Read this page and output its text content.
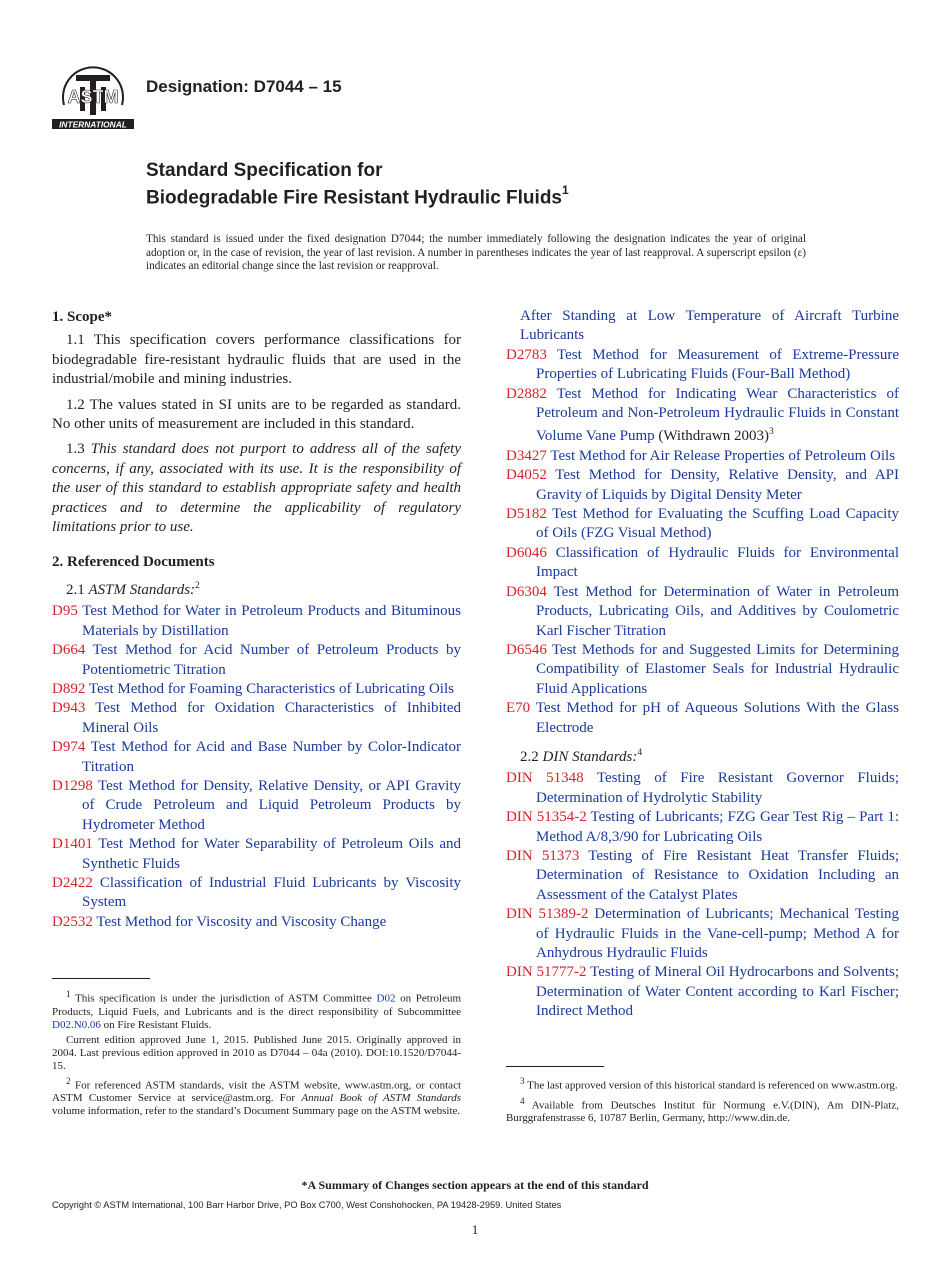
ASTM
INTERNATIONAL
Designation: D7044 – 15
Standard Specification for
Biodegradable Fire Resistant Hydraulic Fluids$^1$
This standard is issued under the fixed designation D7044; the number immediately following the designation indicates the year of original adoption or, in the case of revision, the year of last revision. A number in parentheses indicates the year of last reapproval. A superscript epsilon (ε) indicates an editorial change since the last revision or reapproval.
1. Scope*
1.1 This specification covers performance classifications for biodegradable fire-resistant hydraulic fluids that are used in the industrial/mobile and mining industries.
1.2 The values stated in SI units are to be regarded as standard. No other units of measurement are included in this standard.
1.3 This standard does not purport to address all of the safety concerns, if any, associated with its use. It is the responsibility of the user of this standard to establish appropriate safety and health practices and to determine the applicability of regulatory limitations prior to use.
2. Referenced Documents
2.1 ASTM Standards:$^2$
D95 Test Method for Water in Petroleum Products and Bituminous Materials by Distillation
D664 Test Method for Acid Number of Petroleum Products by Potentiometric Titration
D892 Test Method for Foaming Characteristics of Lubricating Oils
D943 Test Method for Oxidation Characteristics of Inhibited Mineral Oils
D974 Test Method for Acid and Base Number by Color-Indicator Titration
D1298 Test Method for Density, Relative Density, or API Gravity of Crude Petroleum and Liquid Petroleum Products by Hydrometer Method
D1401 Test Method for Water Separability of Petroleum Oils and Synthetic Fluids
D2422 Classification of Industrial Fluid Lubricants by Viscosity System
D2532 Test Method for Viscosity and Viscosity Change

$^1$ This specification is under the jurisdiction of ASTM Committee D02 on Petroleum Products, Liquid Fuels, and Lubricants and is the direct responsibility of Subcommittee D02.N0.06 on Fire Resistant Fluids.

Current edition approved June 1, 2015. Published June 2015. Originally approved in 2004. Last previous edition approved in 2010 as D7044 – 04a (2010). DOI:10.1520/D7044-15.

$^2$ For referenced ASTM standards, visit the ASTM website, www.astm.org, or contact ASTM Customer Service at service@astm.org. For Annual Book of ASTM Standards volume information, refer to the standard’s Document Summary page on the ASTM website.

After Standing at Low Temperature of Aircraft Turbine Lubricants
D2783 Test Method for Measurement of Extreme-Pressure Properties of Lubricating Fluids (Four-Ball Method)
D2882 Test Method for Indicating Wear Characteristics of Petroleum and Non-Petroleum Hydraulic Fluids in Constant Volume Vane Pump (Withdrawn 2003)$^3$
D3427 Test Method for Air Release Properties of Petroleum Oils
D4052 Test Method for Density, Relative Density, and API Gravity of Liquids by Digital Density Meter
D5182 Test Method for Evaluating the Scuffing Load Capacity of Oils (FZG Visual Method)
D6046 Classification of Hydraulic Fluids for Environmental Impact
D6304 Test Method for Determination of Water in Petroleum Products, Lubricating Oils, and Additives by Coulometric Karl Fischer Titration
D6546 Test Methods for and Suggested Limits for Determining Compatibility of Elastomer Seals for Industrial Hydraulic Fluid Applications
E70 Test Method for pH of Aqueous Solutions With the Glass Electrode
2.2 DIN Standards:$^4$
DIN 51348 Testing of Fire Resistant Governor Fluids; Determination of Hydrolytic Stability
DIN 51354-2 Testing of Lubricants; FZG Gear Test Rig – Part 1: Method A/8,3/90 for Lubricating Oils
DIN 51373 Testing of Fire Resistant Heat Transfer Fluids; Determination of Resistance to Oxidation Including an Assessment of the Catalyst Plates
DIN 51389-2 Determination of Lubricants; Mechanical Testing of Hydraulic Fluids in the Vane-cell-pump; Method A for Anhydrous Hydraulic Fluids
DIN 51777-2 Testing of Mineral Oil Hydrocarbons and Solvents; Determination of Water Content according to Karl Fischer; Indirect Method

$^3$ The last approved version of this historical standard is referenced on www.astm.org.

$^4$ Available from Deutsches Institut für Normung e.V.(DIN), Am DIN-Platz, Burggrafenstrasse 6, 10787 Berlin, Germany, http://www.din.de.

*A Summary of Changes section appears at the end of this standard
Copyright © ASTM International, 100 Barr Harbor Drive, PO Box C700, West Conshohocken, PA 19428-2959. United States
1
